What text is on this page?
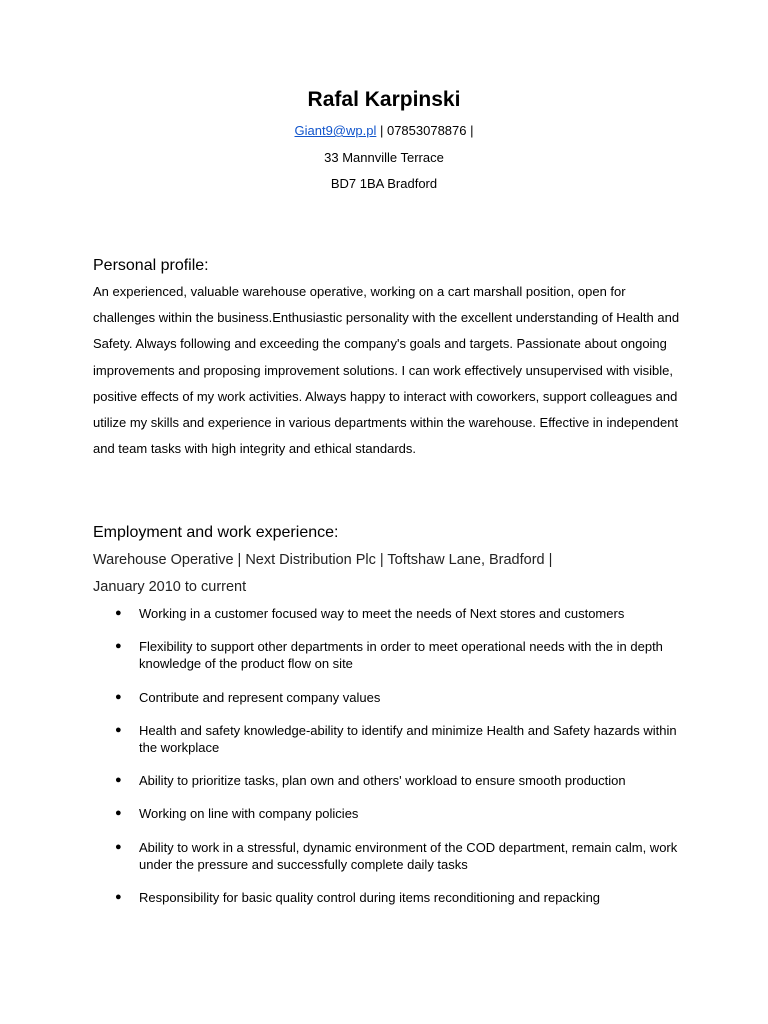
Rafal Karpinski

Giant9@wp.pl | 07853078876 |

33 Mannville Terrace

BD7 1BA Bradford

Personal profile:

An experienced, valuable warehouse operative, working on a cart marshall position, open for challenges within the business.Enthusiastic personality with the excellent understanding of Health and Safety. Always following and exceeding the company's goals and targets. Passionate about ongoing improvements and proposing improvement solutions. I can work effectively unsupervised with visible, positive effects of my work activities. Always happy to interact with coworkers, support colleagues and utilize my skills and experience in various departments within the warehouse. Effective in independent and team tasks with high integrity and ethical standards.

Employment and work experience:

Warehouse Operative | Next Distribution Plc | Toftshaw Lane, Bradford |

January 2010 to current

● Working in a customer focused way to meet the needs of Next stores and customers
● Flexibility to support other departments in order to meet operational needs with the in depth knowledge of the product flow on site
● Contribute and represent company values
● Health and safety knowledge-ability to identify and minimize Health and Safety hazards within the workplace
● Ability to prioritize tasks, plan own and others' workload to ensure smooth production
● Working on line with company policies
● Ability to work in a stressful, dynamic environment of the COD department, remain calm, work under the pressure and successfully complete daily tasks
● Responsibility for basic quality control during items reconditioning and repacking
